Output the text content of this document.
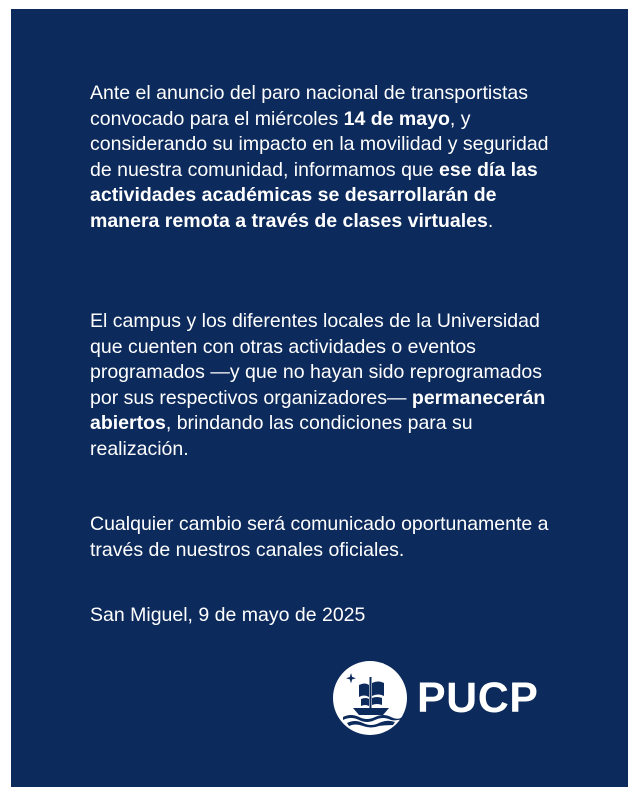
Ante el anuncio del paro nacional de transportistas convocado para el miércoles 14 de mayo, y considerando su impacto en la movilidad y seguridad de nuestra comunidad, informamos que ese día las actividades académicas se desarrollarán de manera remota a través de clases virtuales.

El campus y los diferentes locales de la Universidad que cuenten con otras actividades o eventos programados —y que no hayan sido reprogramados por sus respectivos organizadores— permanecerán abiertos, brindando las condiciones para su realización.

Cualquier cambio será comunicado oportunamente a través de nuestros canales oficiales.

San Miguel, 9 de mayo de 2025

PUCP
